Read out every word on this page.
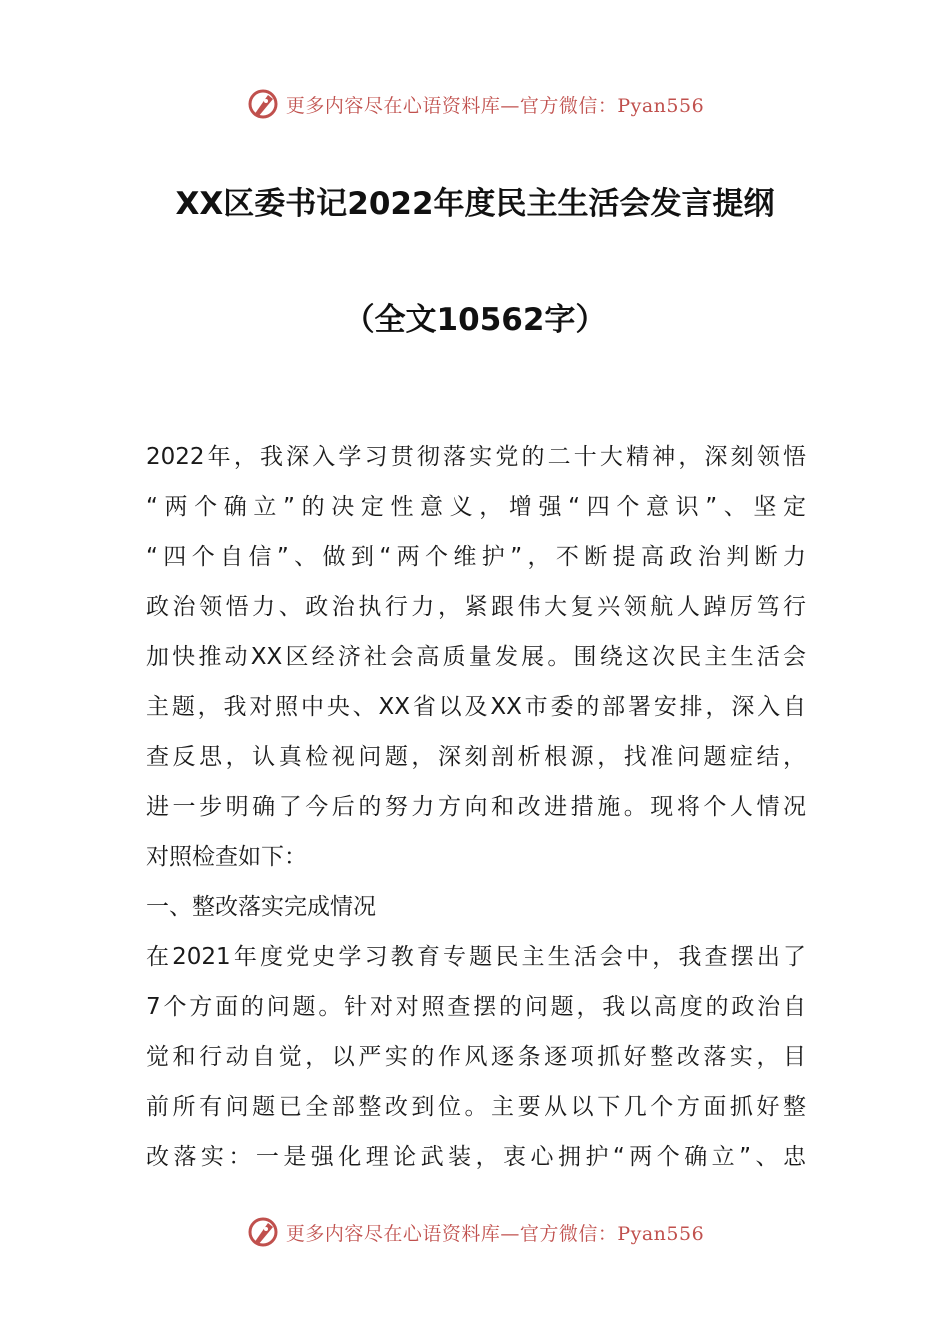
更多内容尽在心语资料库—官方微信：Pyan556
XX区委书记2022年度民主生活会发言提纲
（全文10562字）
2022年，我深入学习贯彻落实党的二十大精神，深刻领悟
“两个确立”的决定性意义，增强“四个意识”、坚定
“四个自信”、做到“两个维护”，不断提高政治判断力
政治领悟力、政治执行力，紧跟伟大复兴领航人踔厉笃行
加快推动XX区经济社会高质量发展。围绕这次民主生活会
主题，我对照中央、XX省以及XX市委的部署安排，深入自
查反思，认真检视问题，深刻剖析根源，找准问题症结，
进一步明确了今后的努力方向和改进措施。现将个人情况
对照检查如下：
一、整改落实完成情况
在2021年度党史学习教育专题民主生活会中，我查摆出了
7个方面的问题。针对对照查摆的问题，我以高度的政治自
觉和行动自觉，以严实的作风逐条逐项抓好整改落实，目
前所有问题已全部整改到位。主要从以下几个方面抓好整
改落实：一是强化理论武装，衷心拥护“两个确立”、忠
更多内容尽在心语资料库—官方微信：Pyan556
